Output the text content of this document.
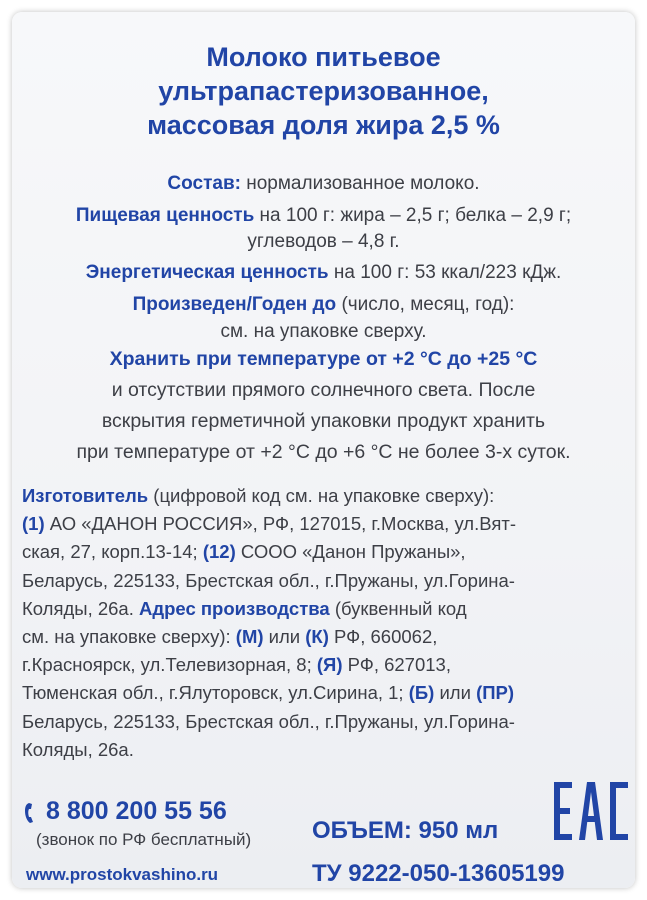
Молоко питьевое
ультрапастеризованное,
массовая доля жира 2,5 %
Состав: нормализованное молоко.
Пищевая ценность на 100 г: жира – 2,5 г; белка – 2,9 г;
углеводов – 4,8 г.
Энергетическая ценность на 100 г: 53 ккал/223 кДж.
Произведен/Годен до (число, месяц, год):
см. на упаковке сверху.
Хранить при температуре от +2 °С до +25 °С
и отсутствии прямого солнечного света. После
вскрытия герметичной упаковки продукт хранить
при температуре от +2 °С до +6 °С не более 3-х суток.
Изготовитель (цифровой код см. на упаковке сверху):
(1) АО «ДАНОН РОССИЯ», РФ, 127015, г.Москва, ул.Вят-
ская, 27, корп.13-14; (12) СООО «Данон Пружаны»,
Беларусь, 225133, Брестская обл., г.Пружаны, ул.Горина-
Коляды, 26а. Адрес производства (буквенный код
см. на упаковке сверху): (М) или (К) РФ, 660062,
г.Красноярск, ул.Телевизорная, 8; (Я) РФ, 627013,
Тюменская обл., г.Ялуторовск, ул.Сирина, 1; (Б) или (ПР)
Беларусь, 225133, Брестская обл., г.Пружаны, ул.Горина-
Коляды, 26а.
8 800 200 55 56
(звонок по РФ бесплатный)
www.prostokvashino.ru
ОБЪЕМ: 950 мл
ТУ 9222-050-13605199
